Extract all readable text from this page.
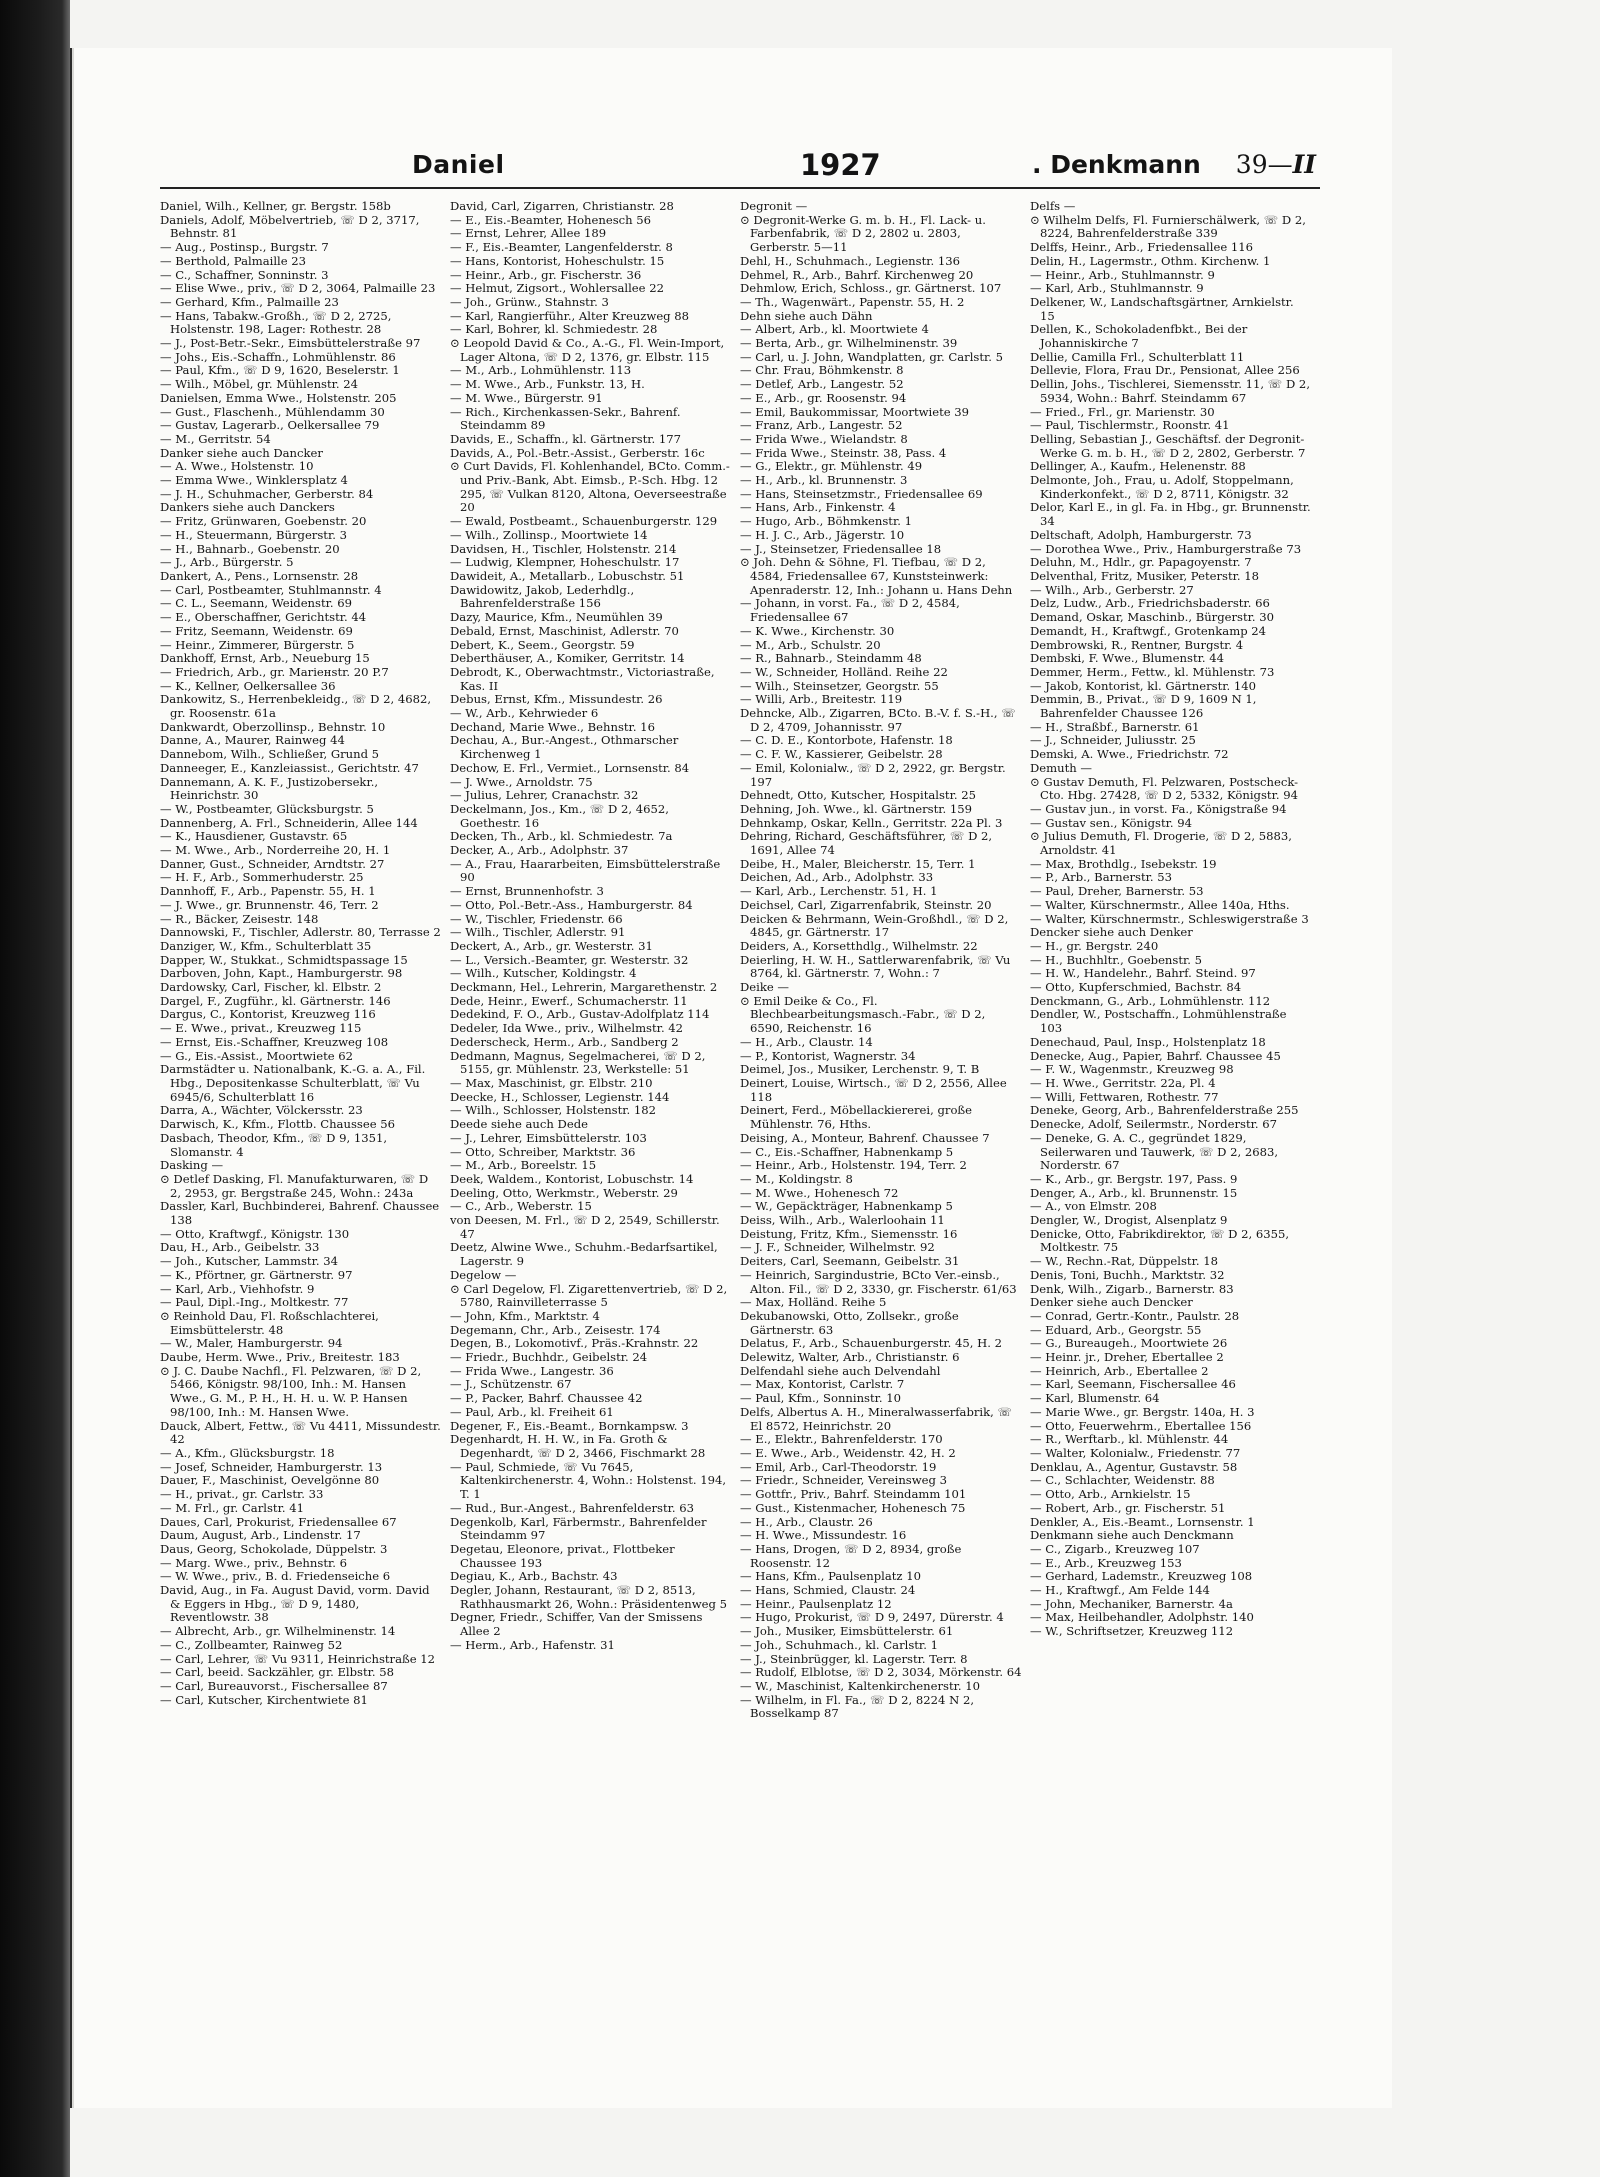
Daniel	1927	. Denkmann 39—II
Daniel, Wilh., Kellner, gr. Bergstr. 158b
Daniels, Adolf, Möbelvertrieb, ☏ D 2, 3717, Behnstr. 81
— Aug., Postinsp., Burgstr. 7
— Berthold, Palmaille 23
— C., Schaffner, Sonninstr. 3
— Elise Wwe., priv., ☏ D 2, 3064, Palmaille 23
— Gerhard, Kfm., Palmaille 23
— Hans, Tabakw.-Großh., ☏ D 2, 2725, Holstenstr. 198, Lager: Rothestr. 28
— J., Post-Betr.-Sekr., Eimsbüttelerstraße 97
— Johs., Eis.-Schaffn., Lohmühlenstr. 86
— Paul, Kfm., ☏ D 9, 1620, Beselerstr. 1
— Wilh., Möbel, gr. Mühlenstr. 24
Danielsen, Emma Wwe., Holstenstr. 205
— Gust., Flaschenh., Mühlendamm 30
— Gustav, Lagerarb., Oelkersallee 79
— M., Gerritstr. 54
Danker siehe auch Dancker
— A. Wwe., Holstenstr. 10
— Emma Wwe., Winklersplatz 4
— J. H., Schuhmacher, Gerberstr. 84
Dankers siehe auch Danckers
— Fritz, Grünwaren, Goebenstr. 20
— H., Steuermann, Bürgerstr. 3
— H., Bahnarb., Goebenstr. 20
— J., Arb., Bürgerstr. 5
Dankert, A., Pens., Lornsenstr. 28
— Carl, Postbeamter, Stuhlmannstr. 4
— C. L., Seemann, Weidenstr. 69
— E., Oberschaffner, Gerichtstr. 44
— Fritz, Seemann, Weidenstr. 69
— Heinr., Zimmerer, Bürgerstr. 5
Dankhoff, Ernst, Arb., Neueburg 15
— Friedrich, Arb., gr. Mariенstr. 20 P.7
— K., Kellner, Oelkersallee 36
Dankowitz, S., Herrenbekleidg., ☏ D 2, 4682, gr. Roosenstr. 61a
Dankwardt, Oberzollinsp., Behnstr. 10
Danne, A., Maurer, Rainweg 44
Dannebom, Wilh., Schließer, Grund 5
Danneeger, E., Kanzleiassist., Gerichtstr. 47
Dannemann, A. K. F., Justizobersekr., Heinrichstr. 30
— W., Postbeamter, Glücksburgstr. 5
Dannenberg, A. Frl., Schneiderin, Allee 144
— K., Hausdiener, Gustavstr. 65
— M. Wwe., Arb., Norderreihe 20, H. 1
Danner, Gust., Schneider, Arndtstr. 27
— H. F., Arb., Sommerhuderstr. 25
Dannhoff, F., Arb., Papenstr. 55, H. 1
— J. Wwe., gr. Brunnenstr. 46, Terr. 2
— R., Bäcker, Zeisestr. 148
Dannowski, F., Tischler, Adlerstr. 80, Terrasse 2
Danziger, W., Kfm., Schulterblatt 35
Dapper, W., Stukkat., Schmidtspassage 15
Darboven, John, Kapt., Hamburgerstr. 98
Dardowsky, Carl, Fischer, kl. Elbstr. 2
Dargel, F., Zugführ., kl. Gärtnerstr. 146
Dargus, C., Kontorist, Kreuzweg 116
— E. Wwe., privat., Kreuzweg 115
— Ernst, Eis.-Schaffner, Kreuzweg 108
— G., Eis.-Assist., Moortwiete 62
Darmstädter u. Nationalbank, K.-G. a. A., Fil. Hbg., Depositenkasse Schulterblatt, ☏ Vu 6945/6, Schulterblatt 16
Darra, A., Wächter, Völckersstr. 23
Darwisch, K., Kfm., Flottb. Chaussee 56
Dasbach, Theodor, Kfm., ☏ D 9, 1351, Slomanstr. 4
Dasking —
⊙ Detlef Dasking, Fl. Manufakturwaren, ☏ D 2, 2953, gr. Bergstraße 245, Wohn.: 243a
Dassler, Karl, Buchbinderei, Bahrenf. Chaussee 138
— Otto, Kraftwgf., Königstr. 130
Dau, H., Arb., Geibelstr. 33
— Joh., Kutscher, Lammstr. 34
— K., Pförtner, gr. Gärtnerstr. 97
— Karl, Arb., Viehhofstr. 9
— Paul, Dipl.-Ing., Moltkestr. 77
⊙ Reinhold Dau, Fl. Roßschlachterei, Eimsbüttelerstr. 48
— W., Maler, Hamburgerstr. 94
Daube, Herm. Wwe., Priv., Breitestr. 183
⊙ J. C. Daube Nachfl., Fl. Pelzwaren, ☏ D 2, 5466, Königstr. 98/100, Inh.: M. Hansen Wwe., G. M., P. H., H. H. u. W. P. Hansen 98/100, Inh.: M. Hansen Wwe.
Dauck, Albert, Fettw., ☏ Vu 4411, Missundestr. 42
— A., Kfm., Glücksburgstr. 18
— Josef, Schneider, Hamburgerstr. 13
Dauer, F., Maschinist, Oevelgönne 80
— H., privat., gr. Carlstr. 33
— M. Frl., gr. Carlstr. 41
Daues, Carl, Prokurist, Friedensallee 67
Daum, August, Arb., Lindenstr. 17
Daus, Georg, Schokolade, Düppelstr. 3
— Marg. Wwe., priv., Behnstr. 6
— W. Wwe., priv., B. d. Friedenseiche 6
David, Aug., in Fa. August David, vorm. David & Eggers in Hbg., ☏ D 9, 1480, Reventlowstr. 38
— Albrecht, Arb., gr. Wilhelminenstr. 14
— C., Zollbeamter, Rainweg 52
— Carl, Lehrer, ☏ Vu 9311, Heinrichstraße 12
— Carl, beeid. Sackzähler, gr. Elbstr. 58
— Carl, Bureauvorst., Fischersallee 87
— Carl, Kutscher, Kirchentwiete 81
David, Carl, Zigarren, Christianstr. 28
— E., Eis.-Beamter, Hohenesch 56
— Ernst, Lehrer, Allee 189
— F., Eis.-Beamter, Langenfelderstr. 8
— Hans, Kontorist, Hoheschulstr. 15
— Heinr., Arb., gr. Fischerstr. 36
— Helmut, Zigsort., Wohlersallee 22
— Joh., Grünw., Stahnstr. 3
— Karl, Rangierführ., Alter Kreuzweg 88
— Karl, Bohrer, kl. Schmiedestr. 28
⊙ Leopold David & Co., A.-G., Fl. Wein-Import, Lager Altona, ☏ D 2, 1376, gr. Elbstr. 115
— M., Arb., Lohmühlenstr. 113
— M. Wwe., Arb., Funkstr. 13, H.
— M. Wwe., Bürgerstr. 91
— Rich., Kirchenkassen-Sekr., Bahrenf. Steindamm 89
Davids, E., Schaffn., kl. Gärtnerstr. 177
Davids, A., Pol.-Betr.-Assist., Gerberstr. 16c
⊙ Curt Davids, Fl. Kohlenhandel, BCto. Comm.- und Priv.-Bank, Abt. Eimsb., P.-Sch. Hbg. 12 295, ☏ Vulkan 8120, Altona, Oeverseestraße 20
— Ewald, Postbeamt., Schauenburgerstr. 129
— Wilh., Zollinsp., Moortwiete 14
Davidsen, H., Tischler, Holstenstr. 214
— Ludwig, Klempner, Hoheschulstr. 17
Dawideit, A., Metallarb., Lobuschstr. 51
Dawidowitz, Jakob, Lederhdlg., Bahrenfelderstraße 156
Dazy, Maurice, Kfm., Neumühlen 39
Debald, Ernst, Maschinist, Adlerstr. 70
Debert, K., Seem., Georgstr. 59
Deberthäuser, A., Komiker, Gerritstr. 14
Debrodt, K., Oberwachtmstr., Victoriastraße, Kas. II
Debus, Ernst, Kfm., Missundestr. 26
— W., Arb., Kehrwieder 6
Dechand, Marie Wwe., Behnstr. 16
Dechau, A., Bur.-Angest., Othmarscher Kirchenweg 1
Dechow, E. Frl., Vermiet., Lornsenstr. 84
— J. Wwe., Arnoldstr. 75
— Julius, Lehrer, Cranachstr. 32
Deckelmann, Jos., Km., ☏ D 2, 4652, Goethestr. 16
Decken, Th., Arb., kl. Schmiedestr. 7a
Decker, A., Arb., Adolphstr. 37
— A., Frau, Haararbeiten, Eimsbüttelerstraße 90
— Ernst, Brunnenhofstr. 3
— Otto, Pol.-Betr.-Ass., Hamburgerstr. 84
— W., Tischler, Friedenstr. 66
— Wilh., Tischler, Adlerstr. 91
Deckert, A., Arb., gr. Westerstr. 31
— L., Versich.-Beamter, gr. Westerstr. 32
— Wilh., Kutscher, Koldingstr. 4
Deckmann, Hel., Lehrerin, Margarethenstr. 2
Dede, Heinr., Ewerf., Schumacherstr. 11
Dedekind, F. O., Arb., Gustav-Adolfplatz 114
Dedeler, Ida Wwe., priv., Wilhelmstr. 42
Dederscheck, Herm., Arb., Sandberg 2
Dedmann, Magnus, Segelmacherei, ☏ D 2, 5155, gr. Mühlenstr. 23, Werkstelle: 51
— Max, Maschinist, gr. Elbstr. 210
Deecke, H., Schlosser, Legienstr. 144
— Wilh., Schlosser, Holstenstr. 182
Deede siehe auch Dede
— J., Lehrer, Eimsbüttelerstr. 103
— Otto, Schreiber, Marktstr. 36
— M., Arb., Boreelstr. 15
Deek, Waldem., Kontorist, Lobuschstr. 14
Deeling, Otto, Werkmstr., Weberstr. 29
— C., Arb., Weberstr. 15
von Deesen, M. Frl., ☏ D 2, 2549, Schillerstr. 47
Deetz, Alwine Wwe., Schuhm.-Bedarfsartikel, Lagerstr. 9
Degelow —
⊙ Carl Degelow, Fl. Zigarettenvertrieb, ☏ D 2, 5780, Rainvilleterrasse 5
— John, Kfm., Marktstr. 4
Degemann, Chr., Arb., Zeisestr. 174
Degen, B., Lokomotivf., Präs.-Krahnstr. 22
— Friedr., Buchhdr., Geibelstr. 24
— Frida Wwe., Langestr. 36
— J., Schützenstr. 67
— P., Packer, Bahrf. Chaussee 42
— Paul, Arb., kl. Freiheit 61
Degener, F., Eis.-Beamt., Bornkampsw. 3
Degenhardt, H. H. W., in Fa. Groth & Degenhardt, ☏ D 2, 3466, Fischmarkt 28
— Paul, Schmiede, ☏ Vu 7645, Kaltenkirchenerstr. 4, Wohn.: Holstenst. 194, T. 1
— Rud., Bur.-Angest., Bahrenfelderstr. 63
Degenkolb, Karl, Färbermstr., Bahrenfelder Steindamm 97
Degetau, Eleonore, privat., Flottbeker Chaussee 193
Degiau, K., Arb., Bachstr. 43
Degler, Johann, Restaurant, ☏ D 2, 8513, Rathhausmarkt 26, Wohn.: Präsidentenweg 5
Degner, Friedr., Schiffer, Van der Smissens Allee 2
— Herm., Arb., Hafenstr. 31
Degronit —
⊙ Degronit-Werke G. m. b. H., Fl. Lack- u. Farbenfabrik, ☏ D 2, 2802 u. 2803, Gerberstr. 5—11
Dehl, H., Schuhmach., Legienstr. 136
Dehmel, R., Arb., Bahrf. Kirchenweg 20
Dehmlow, Erich, Schloss., gr. Gärtnerst. 107
— Th., Wagenwärt., Papenstr. 55, H. 2
Dehn siehe auch Dähn
— Albert, Arb., kl. Moortwiete 4
— Berta, Arb., gr. Wilhelminenstr. 39
— Carl, u. J. John, Wandplatten, gr. Carlstr. 5
— Chr. Frau, Böhmkenstr. 8
— Detlef, Arb., Langestr. 52
— E., Arb., gr. Roosenstr. 94
— Emil, Baukommissar, Moortwiete 39
— Franz, Arb., Langestr. 52
— Frida Wwe., Wielandstr. 8
— Frida Wwe., Steinstr. 38, Pass. 4
— G., Elektr., gr. Mühlenstr. 49
— H., Arb., kl. Brunnenstr. 3
— Hans, Steinsetzmstr., Friedensallee 69
— Hans, Arb., Finkenstr. 4
— Hugo, Arb., Böhmkenstr. 1
— H. J. C., Arb., Jägerstr. 10
— J., Steinsetzer, Friedensallee 18
⊙ Joh. Dehn & Söhne, Fl. Tiefbau, ☏ D 2, 4584, Friedensallee 67, Kunststeinwerk: Apenraderstr. 12, Inh.: Johann u. Hans Dehn
— Johann, in vorst. Fa., ☏ D 2, 4584, Friedensallee 67
— K. Wwe., Kirchenstr. 30
— M., Arb., Schulstr. 20
— R., Bahnarb., Steindamm 48
— W., Schneider, Holländ. Reihe 22
— Wilh., Steinsetzer, Georgstr. 55
— Willi, Arb., Breitestr. 119
Dehncke, Alb., Zigarren, BCto. B.-V. f. S.-H., ☏ D 2, 4709, Johannisstr. 97
— C. D. E., Kontorbote, Hafenstr. 18
— C. F. W., Kassierer, Geibelstr. 28
— Emil, Kolonialw., ☏ D 2, 2922, gr. Bergstr. 197
Dehnedt, Otto, Kutscher, Hospitalstr. 25
Dehning, Joh. Wwe., kl. Gärtnerstr. 159
Dehnkamp, Oskar, Kelln., Gerritstr. 22a Pl. 3
Dehring, Richard, Geschäftsführer, ☏ D 2, 1691, Allee 74
Deibe, H., Maler, Bleicherstr. 15, Terr. 1
Deichen, Ad., Arb., Adolphstr. 33
— Karl, Arb., Lerchenstr. 51, H. 1
Deichsel, Carl, Zigarrenfabrik, Steinstr. 20
Deicken & Behrmann, Wein-Großhdl., ☏ D 2, 4845, gr. Gärtnerstr. 17
Deiders, A., Korsetthdlg., Wilhelmstr. 22
Deierling, H. W. H., Sattlerwarenfabrik, ☏ Vu 8764, kl. Gärtnerstr. 7, Wohn.: 7
Deike —
⊙ Emil Deike & Co., Fl. Blechbearbeitungsmasch.-Fabr., ☏ D 2, 6590, Reichenstr. 16
— H., Arb., Claustr. 14
— P., Kontorist, Wagnerstr. 34
Deimel, Jos., Musiker, Lerchenstr. 9, T. B
Deinert, Louise, Wirtsch., ☏ D 2, 2556, Allee 118
Deinert, Ferd., Möbellackiererei, große Mühlenstr. 76, Hths.
Deising, A., Monteur, Bahrenf. Chaussee 7
— C., Eis.-Schaffner, Habnenkamp 5
— Heinr., Arb., Holstenstr. 194, Terr. 2
— M., Koldingstr. 8
— M. Wwe., Hohenesch 72
— W., Gepäckträger, Habnenkamp 5
Deiss, Wilh., Arb., Walerloohain 11
Deistung, Fritz, Kfm., Siemensstr. 16
— J. F., Schneider, Wilhelmstr. 92
Deiters, Carl, Seemann, Geibelstr. 31
— Heinrich, Sargindustrie, BCto Ver.-einsb., Alton. Fil., ☏ D 2, 3330, gr. Fischerstr. 61/63
— Max, Holländ. Reihe 5
Dekubanowski, Otto, Zollsekr., große Gärtnerstr. 63
Delatus, F., Arb., Schauenburgerstr. 45, H. 2
Delewitz, Walter, Arb., Christianstr. 6
Delfendahl siehe auch Delvendahl
— Max, Kontorist, Carlstr. 7
— Paul, Kfm., Sonninstr. 10
Delfs, Albertus A. H., Mineralwasserfabrik, ☏ El 8572, Heinrichstr. 20
— E., Elektr., Bahrenfelderstr. 170
— E. Wwe., Arb., Weidenstr. 42, H. 2
— Emil, Arb., Carl-Theodorstr. 19
— Friedr., Schneider, Vereinsweg 3
— Gottfr., Priv., Bahrf. Steindamm 101
— Gust., Kistenmacher, Hohenesch 75
— H., Arb., Claustr. 26
— H. Wwe., Missundestr. 16
— Hans, Drogen, ☏ D 2, 8934, große Roosenstr. 12
— Hans, Kfm., Paulsenplatz 10
— Hans, Schmied, Claustr. 24
— Heinr., Paulsenplatz 12
— Hugo, Prokurist, ☏ D 9, 2497, Dürerstr. 4
— Joh., Musiker, Eimsbüttelerstr. 61
— Joh., Schuhmach., kl. Carlstr. 1
— J., Steinbrügger, kl. Lagerstr. Terr. 8
— Rudolf, Elblotse, ☏ D 2, 3034, Mörkenstr. 64
— W., Maschinist, Kaltenkirchenerstr. 10
— Wilhelm, in Fl. Fa., ☏ D 2, 8224 N 2, Bosselkamp 87
Delfs —
⊙ Wilhelm Delfs, Fl. Furnierschälwerk, ☏ D 2, 8224, Bahrenfelderstraße 339
Delffs, Heinr., Arb., Friedensallee 116
Delin, H., Lagermstr., Othm. Kirchenw. 1
— Heinr., Arb., Stuhlmannstr. 9
— Karl, Arb., Stuhlmannstr. 9
Delkener, W., Landschaftsgärtner, Arnkielstr. 15
Dellen, K., Schokoladenfbkt., Bei der Johanniskirche 7
Dellie, Camilla Frl., Schulterblatt 11
Dellevie, Flora, Frau Dr., Pensionat, Allee 256
Dellin, Johs., Tischlerei, Siemensstr. 11, ☏ D 2, 5934, Wohn.: Bahrf. Steindamm 67
— Fried., Frl., gr. Marienstr. 30
— Paul, Tischlermstr., Roonstr. 41
Delling, Sebastian J., Geschäftsf. der Degronit-Werke G. m. b. H., ☏ D 2, 2802, Gerberstr. 7
Dellinger, A., Kaufm., Helenenstr. 88
Delmonte, Joh., Frau, u. Adolf, Stoppelmann, Kinderkonfekt., ☏ D 2, 8711, Königstr. 32
Delor, Karl E., in gl. Fa. in Hbg., gr. Brunnenstr. 34
Deltschaft, Adolph, Hamburgerstr. 73
— Dorothea Wwe., Priv., Hamburgerstraße 73
Deluhn, M., Hdlr., gr. Papagoyenstr. 7
Delventhal, Fritz, Musiker, Peterstr. 18
— Wilh., Arb., Gerberstr. 27
Delz, Ludw., Arb., Friedrichsbaderstr. 66
Demand, Oskar, Maschinb., Bürgerstr. 30
Demandt, H., Kraftwgf., Grotenkamp 24
Dembrowski, R., Rentner, Burgstr. 4
Dembski, F. Wwe., Blumenstr. 44
Demmer, Herm., Fettw., kl. Mühlenstr. 73
— Jakob, Kontorist, kl. Gärtnerstr. 140
Demmin, B., Privat., ☏ D 9, 1609 N 1, Bahrenfelder Chaussee 126
— H., Straßbf., Barnerstr. 61
— J., Schneider, Juliusstr. 25
Demski, A. Wwe., Friedrichstr. 72
Demuth —
⊙ Gustav Demuth, Fl. Pelzwaren, Postscheck-Cto. Hbg. 27428, ☏ D 2, 5332, Königstr. 94
— Gustav jun., in vorst. Fa., Königstraße 94
— Gustav sen., Königstr. 94
⊙ Julius Demuth, Fl. Drogerie, ☏ D 2, 5883, Arnoldstr. 41
— Max, Brothdlg., Isebekstr. 19
— P., Arb., Barnerstr. 53
— Paul, Dreher, Barnerstr. 53
— Walter, Kürschnermstr., Allee 140a, Hths.
— Walter, Kürschnermstr., Schleswigerstraße 3
Dencker siehe auch Denker
— H., gr. Bergstr. 240
— H., Buchhltr., Goebenstr. 5
— H. W., Handelehr., Bahrf. Steind. 97
— Otto, Kupferschmied, Bachstr. 84
Denckmann, G., Arb., Lohmühlenstr. 112
Dendler, W., Postschaffn., Lohmühlenstraße 103
Denechaud, Paul, Insp., Holstenplatz 18
Denecke, Aug., Papier, Bahrf. Chaussee 45
— F. W., Wagenmstr., Kreuzweg 98
— H. Wwe., Gerritstr. 22a, Pl. 4
— Willi, Fettwaren, Rothestr. 77
Deneke, Georg, Arb., Bahrenfelderstraße 255
Denecke, Adolf, Seilermstr., Norderstr. 67
— Deneke, G. A. C., gegründet 1829, Seilerwaren und Tauwerk, ☏ D 2, 2683, Norderstr. 67
— K., Arb., gr. Bergstr. 197, Pass. 9
Denger, A., Arb., kl. Brunnenstr. 15
— A., von Elmstr. 208
Dengler, W., Drogist, Alsenplatz 9
Denicke, Otto, Fabrikdirektor, ☏ D 2, 6355, Moltkestr. 75
— W., Rechn.-Rat, Düppelstr. 18
Denis, Toni, Buchh., Marktstr. 32
Denk, Wilh., Zigarb., Barnerstr. 83
Denker siehe auch Dencker
— Conrad, Gertr.-Kontr., Paulstr. 28
— Eduard, Arb., Georgstr. 55
— G., Bureaugeh., Moortwiete 26
— Heinr. jr., Dreher, Ebertallee 2
— Heinrich, Arb., Ebertallee 2
— Karl, Seemann, Fischersallee 46
— Karl, Blumenstr. 64
— Marie Wwe., gr. Bergstr. 140a, H. 3
— Otto, Feuerwehrm., Ebertallee 156
— R., Werftarb., kl. Mühlenstr. 44
— Walter, Kolonialw., Friedenstr. 77
Denklau, A., Agentur, Gustavstr. 58
— C., Schlachter, Weidenstr. 88
— Otto, Arb., Arnkielstr. 15
— Robert, Arb., gr. Fischerstr. 51
Denkler, A., Eis.-Beamt., Lornsenstr. 1
Denkmann siehe auch Denckmann
— C., Zigarb., Kreuzweg 107
— E., Arb., Kreuzweg 153
— Gerhard, Lademstr., Kreuzweg 108
— H., Kraftwgf., Am Felde 144
— John, Mechaniker, Barnerstr. 4a
— Max, Heilbehandler, Adolphstr. 140
— W., Schriftsetzer, Kreuzweg 112
